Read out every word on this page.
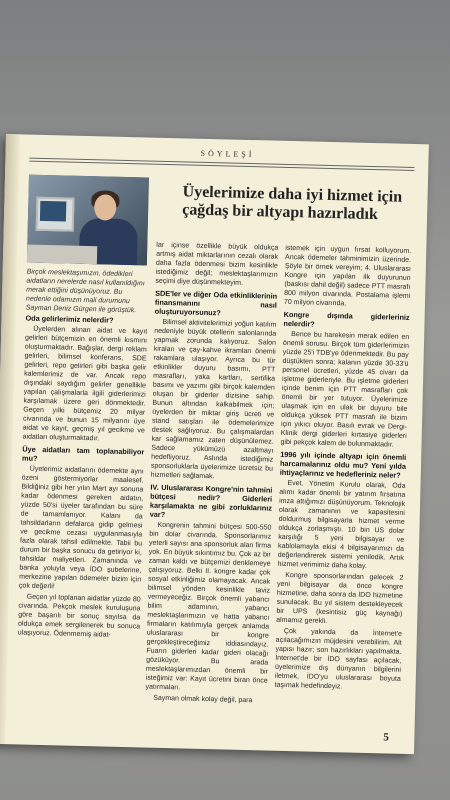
SÖYLEŞİ
Birçok meslektaşımızın, ödedikleri aidatların nerelerde nasıl kullanıldığını merak ettiğini düşünüyoruz. Bu nedenle odamızın mali durumunu Sayman Deniz Gürgen ile görüştük.
Üyelerimize daha iyi hizmet için çağdaş bir altyapı hazırladık
Oda gelirlerimiz nelerdir?

Üyelerden alınan aidat ve kayıt gelirleri bütçemizin en önemli kısmını oluşturmaktadır. Bağışlar, dergi reklam gelirleri, bilimsel konferans, SDE gelirleri, repo gelirleri gibi başka gelir kalemlerimiz de var. Ancak repo dışındaki saydığım gelirler genellikle yapılan çalışmalarla ilgili giderlerimizi karşılamak üzere geri dönmektedir. Geçen yılki bütçemiz 20 milyar civarında ve bunun 15 milyarını üye aidat ve kayıt, geçmiş yıl gecikme ve aidatları oluşturmaktadır.

Üye aidatları tam toplanabiliyor mu?

Üyelerimiz aidatlarını ödemekte aynı özeni göstermiyorlar maalesef. Bildiğiniz gibi her yılın Mart ayı sonuna kadar ödenmesi gereken aidatın, yüzde 50'si üyeler tarafından bu süre de tamamlanıyor. Kalanı da tahsildarların defalarca gidip gelmesi ve gecikme cezası uygulanmasıyla fazla olarak tahsil edilmekte. Tabii bu durum bir başka sonucu da getiriyor ki, tahsildar maliyetleri. Zamanında ve banka yoluyla veya İDO şubelerine, merkezine yapılan ödemeler bizim için çok değerli!

Geçen yıl toplanan aidatlar yüzde 80 civarında. Pekçok meslek kuruluşuna göre başarılı bir sonuç sayılsa da oldukça emek sergilenerek bu sonuca ulaşıyoruz. Ödenmemiş aidat-

lar içinse özellikle büyük oldukça artmış aidat miktarlarının cezalı olarak daha fazla ödenmesi bizim kesinlikle istediğimiz değil; meslektaşlarımızın seçimi diye düşünmekteyim.

SDE'ler ve diğer Oda etkinliklerinin finansmanını nasıl oluşturuyorsunuz?

Bilimsel aktivitelerimizi yoğun katılım nedeniyle büyük otellerin salonlarında yapmak zorunda kalıyoruz. Salon kiraları ve çay-kahve ikramları önemli rakamlara ulaşıyor. Ayrıca bu tür etkinlikler duyuru basımı, PTT masrafları, yaka kartları, sertifika basımı ve yazımı gibi birçok kalemden oluşan bir giderler dizisine sahip. Bunun altından kalkabilmek için; üyelerden bir miktar giriş ücreti ve stand satışları ile ödemelerimize destek sağlıyoruz. Bu çalışmalardan kar sağlamamız zaten düşünülemez. Sadece yükümüzü azaltmayı hedefliyoruz. Aslında istediğimiz sponsorluklarla üyelerimize ücretsiz bu hizmetleri sağlamak.

IV. Uluslararası Kongre'nin tahmini bütçesi nedir? Giderleri karşılamakta ne gibi zorluklarınız var?

Kongrenin tahmini bütçesi 500-550 bin dolar civarında. Sponsorlarımız yeterli sayısı ana sponsorluk alan firma yok. En büyük sıkıntımız bu. Çok az bir zaman kaldı ve bütçemizi denklemeye çalışıyoruz. Belki II. kongre kadar çok sosyal etkinliğimiz olamayacak. Ancak bilimsel yönden kesinlikle taviz vermeyeceğiz. Birçok önemli yabancı bilim adamının, yabancı meslektaşlarımızın ve hatta yabancı firmaların katılımıyla gerçek anlamda uluslararası bir kongre gerçekleştireceğimiz iddiasındayız. Fuarın giderleri kadar gideri olacağı gözüküyor. Bu arada meslektaşlarımızdan önemli bir isteğimiz var: Kayıt ücretini biran önce yatırmaları.

Sayman olmak kolay değil, para

istemek için uygun fırsat kolluyorum. Ancak ödemeler tahminimizin üzerinde. Şöyle bir örnek vereyim; 4. Uluslararası Kongre için yapılan ilk duyurunun (baskısı dahil değil) sadece PTT masrafı 800 milyon civarında. Postalama işlemi 70 milyon civarında.

Kongre dışında giderleriniz nelerdir?

Bence bu harekesin merak edilen en önemli sorusu. Birçok tüm giderlerimizin yüzde 25'i TDB'ye ödenmektedir. Bu pay düştükten sonra; kalanın yüzde 30-33'ü personel ücretleri, yüzde 45 civarı da işletme giderleriyle. Bu işletme giderleri içinde benim için PTT masrafları çok önemli bir yer tutuyor. Üyelerimize ulaşmak için en ulak bir duyuru bile oldukça yüksek PTT masrafı ile bizim için yıkıcı oluyor. Basılı evrak ve Dergi-Klinik dergi giderleri kırtasiye giderleri gibi pekçok kalem de bulunmaktadır.

1996 yılı içinde altyapı için önemli harcamalarınız oldu mu? Yeni yılda ihtiyaçlarınız ve hedefleriniz neler?

Evet. Yönetim Kurulu olarak, Oda alımı kadar önemli bir yatırım fırsatına imza attığımızı düşünüyorum. Teknolojik olarak zamanının ve kapasitesini doldurmuş bilgisayarla hizmet verme oldukça zorlaşmıştı. 10 bin US dolar karşılığı 5 yeni bilgisayar ve kablolamayla ekisi 4 bilgisayarımızı da değerlendirerek sistemi yeniledik. Artık hizmet verimimiz daha kolay.

Kongre sponsorlarından gelecek 2 yeni bilgisayar da önce kongre hizmetine, daha sonra da İDO hizmetine sunulacak. Bu yıl sistem destekleyecek bir UPS (kesintisiz güç kaynağı) almamız gerekli.

Çok yakında da İnternet'e açılacağımızın müjdesini verebilirim. Alt yapısı hazır; son hazırlıkları yapılmakta. İnternet'de bir İDO sayfası açılacak, üyelerimize dış dünyanın bilgilerini iletmek, İDO'yu uluslararası boyuta taşımak hedefindeyiz.

5
